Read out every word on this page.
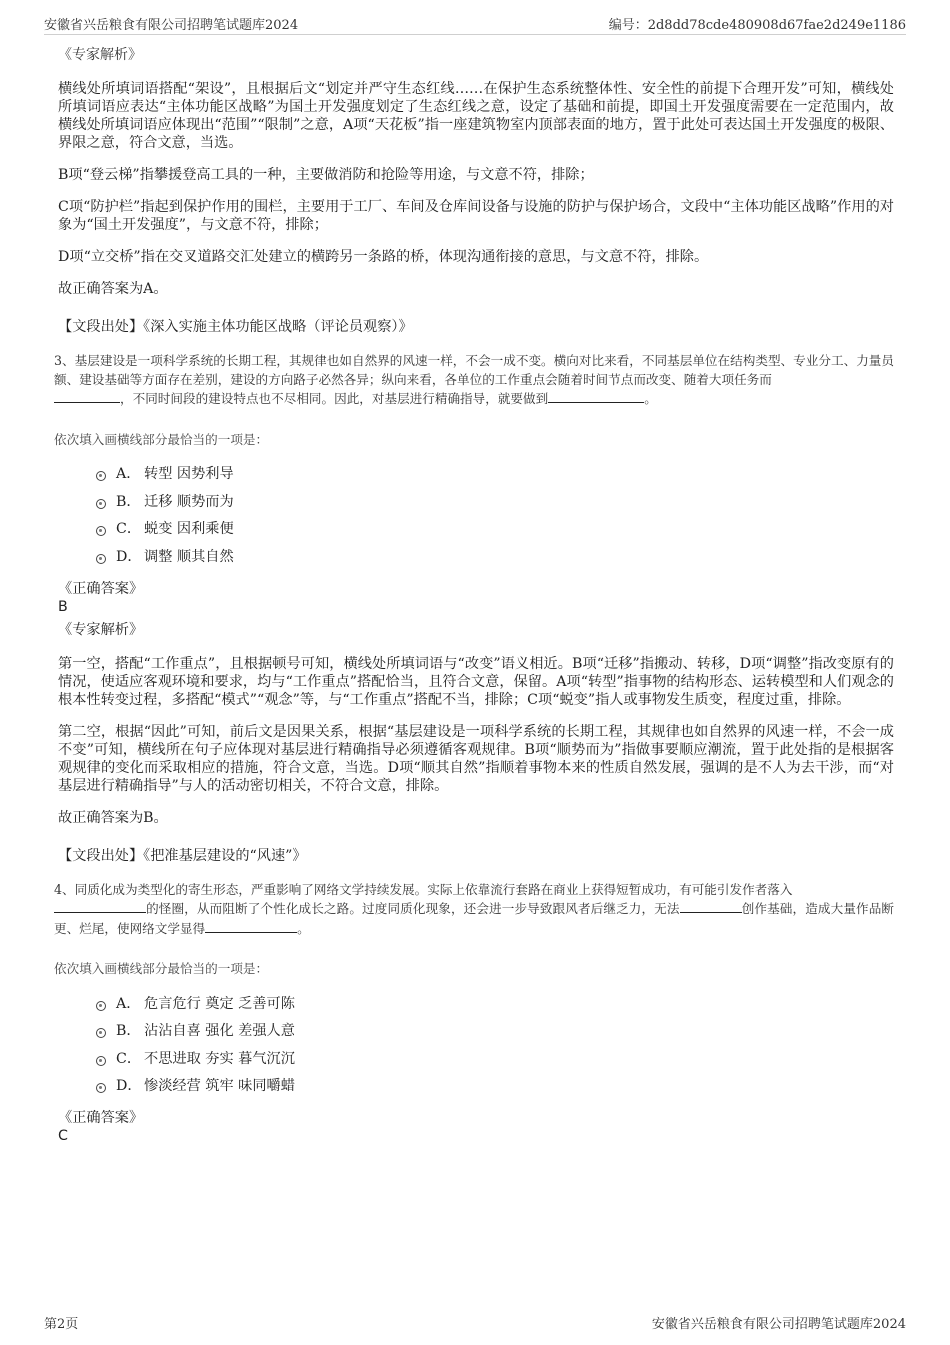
安徽省兴岳粮食有限公司招聘笔试题库2024	编号：2d8dd78cde480908d67fae2d249e1186
《专家解析》

横线处所填词语搭配“架设”，且根据后文“划定并严守生态红线……在保护生态系统整体性、安全性的前提下合理开发”可知，横线处所填词语应表达“主体功能区战略”为国土开发强度划定了生态红线之意，设定了基础和前提，即国土开发强度需要在一定范围内，故横线处所填词语应体现出“范围”“限制”之意，A项“天花板”指一座建筑物室内顶部表面的地方，置于此处可表达国土开发强度的极限、界限之意，符合文意，当选。

B项“登云梯”指攀援登高工具的一种，主要做消防和抢险等用途，与文意不符，排除；

C项“防护栏”指起到保护作用的围栏，主要用于工厂、车间及仓库间设备与设施的防护与保护场合，文段中“主体功能区战略”作用的对象为“国土开发强度”，与文意不符，排除；

D项“立交桥”指在交叉道路交汇处建立的横跨另一条路的桥，体现沟通衔接的意思，与文意不符，排除。

故正确答案为A。

【文段出处】《深入实施主体功能区战略（评论员观察）》
3、基层建设是一项科学系统的长期工程，其规律也如自然界的风速一样，不会一成不变。横向对比来看，不同基层单位在结构类型、专业分工、力量员额、建设基础等方面存在差别，建设的方向路子必然各异；纵向来看，各单位的工作重点会随着时间节点而改变、随着大项任务而
，不同时间段的建设特点也不尽相同。因此，对基层进行精确指导，就要做到	。
依次填入画横线部分最恰当的一项是：
A． 转型 因势利导
B． 迁移 顺势而为
C． 蜕变 因利乘便
D． 调整 顺其自然
《正确答案》
B
《专家解析》

第一空，搭配“工作重点”，且根据顿号可知，横线处所填词语与“改变”语义相近。B项“迁移”指搬动、转移，D项“调整”指改变原有的情况，使适应客观环境和要求，均与“工作重点”搭配恰当，且符合文意，保留。A项“转型”指事物的结构形态、运转模型和人们观念的根本性转变过程，多搭配“模式”“观念”等，与“工作重点”搭配不当，排除；C项“蜕变”指人或事物发生质变，程度过重，排除。

第二空，根据“因此”可知，前后文是因果关系，根据“基层建设是一项科学系统的长期工程，其规律也如自然界的风速一样，不会一成不变”可知，横线所在句子应体现对基层进行精确指导必须遵循客观规律。B项“顺势而为”指做事要顺应潮流，置于此处指的是根据客观规律的变化而采取相应的措施，符合文意，当选。D项“顺其自然”指顺着事物本来的性质自然发展，强调的是不人为去干涉，而“对基层进行精确指导”与人的活动密切相关，不符合文意，排除。

故正确答案为B。

【文段出处】《把准基层建设的“风速”》
4、同质化成为类型化的寄生形态，严重影响了网络文学持续发展。实际上依靠流行套路在商业上获得短暂成功，有可能引发作者落入
的怪圈，从而阻断了个性化成长之路。过度同质化现象，还会进一步导致跟风者后继乏力，无法	创作基础，造成大量作品断更、烂尾，使网络文学显得	。
依次填入画横线部分最恰当的一项是：
A． 危言危行 奠定 乏善可陈
B． 沾沾自喜 强化 差强人意
C． 不思进取 夯实 暮气沉沉
D． 惨淡经营 筑牢 味同嚼蜡
《正确答案》
C
第2页	安徽省兴岳粮食有限公司招聘笔试题库2024
